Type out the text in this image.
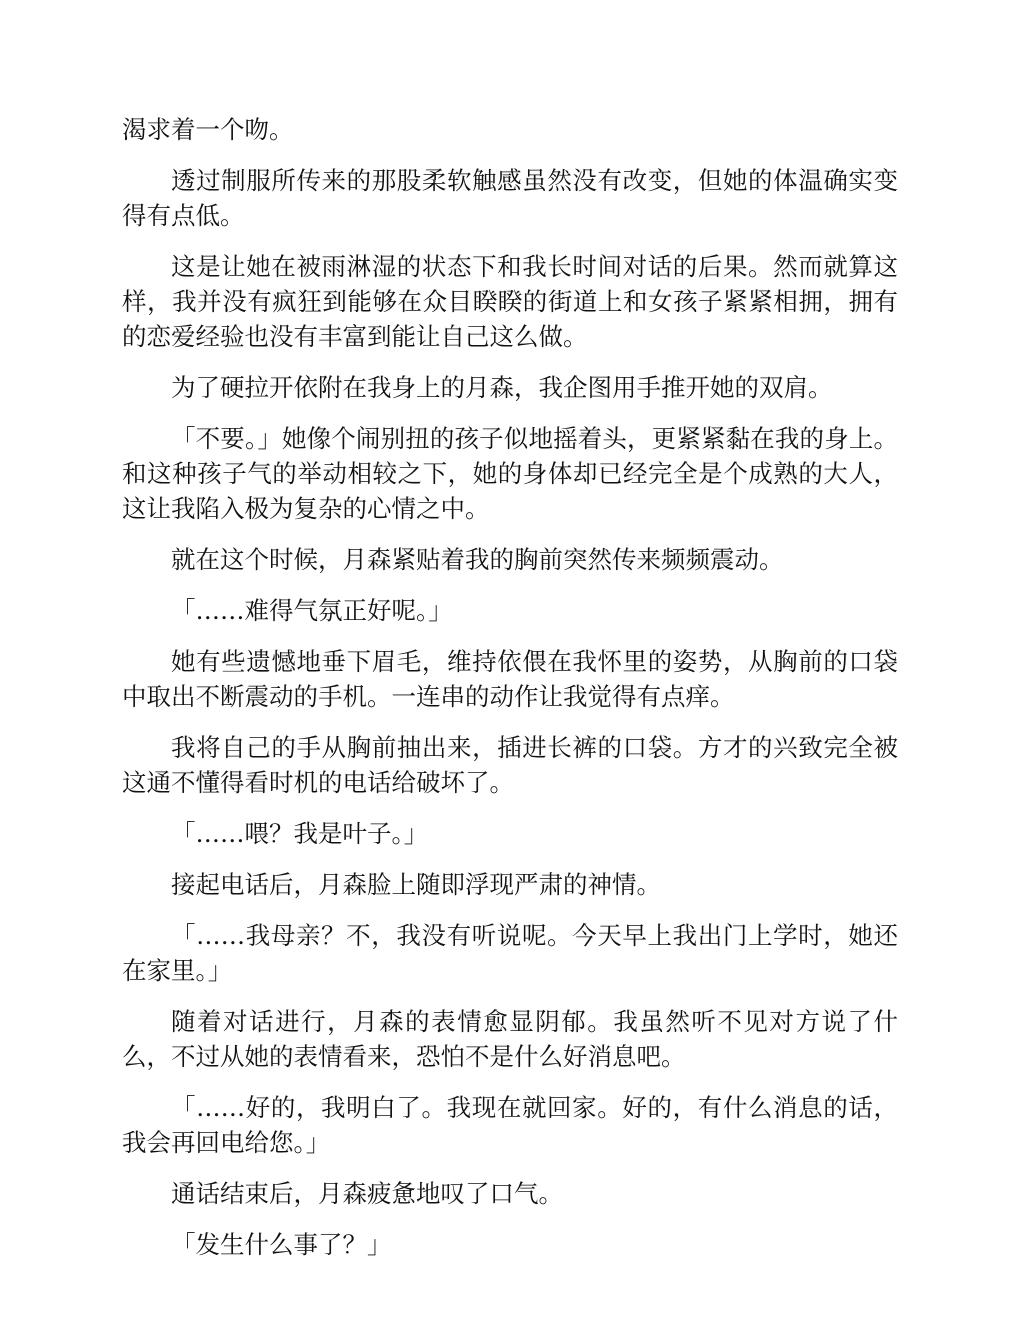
渴求着一个吻。

透过制服所传来的那股柔软触感虽然没有改变，但她的体温确实变得有点低。

这是让她在被雨淋湿的状态下和我长时间对话的后果。然而就算这样，我并没有疯狂到能够在众目睽睽的街道上和女孩子紧紧相拥，拥有的恋爱经验也没有丰富到能让自己这么做。

为了硬拉开依附在我身上的月森，我企图用手推开她的双肩。

「不要。」她像个闹别扭的孩子似地摇着头，更紧紧黏在我的身上。和这种孩子气的举动相较之下，她的身体却已经完全是个成熟的大人，这让我陷入极为复杂的心情之中。

就在这个时候，月森紧贴着我的胸前突然传来频频震动。

「……难得气氛正好呢。」

她有些遗憾地垂下眉毛，维持依偎在我怀里的姿势，从胸前的口袋中取出不断震动的手机。一连串的动作让我觉得有点痒。

我将自己的手从胸前抽出来，插进长裤的口袋。方才的兴致完全被这通不懂得看时机的电话给破坏了。

「……喂？我是叶子。」

接起电话后，月森脸上随即浮现严肃的神情。

「……我母亲？不，我没有听说呢。今天早上我出门上学时，她还在家里。」

随着对话进行，月森的表情愈显阴郁。我虽然听不见对方说了什么，不过从她的表情看来，恐怕不是什么好消息吧。

「……好的，我明白了。我现在就回家。好的，有什么消息的话，我会再回电给您。」

通话结束后，月森疲惫地叹了口气。

「发生什么事了？」
